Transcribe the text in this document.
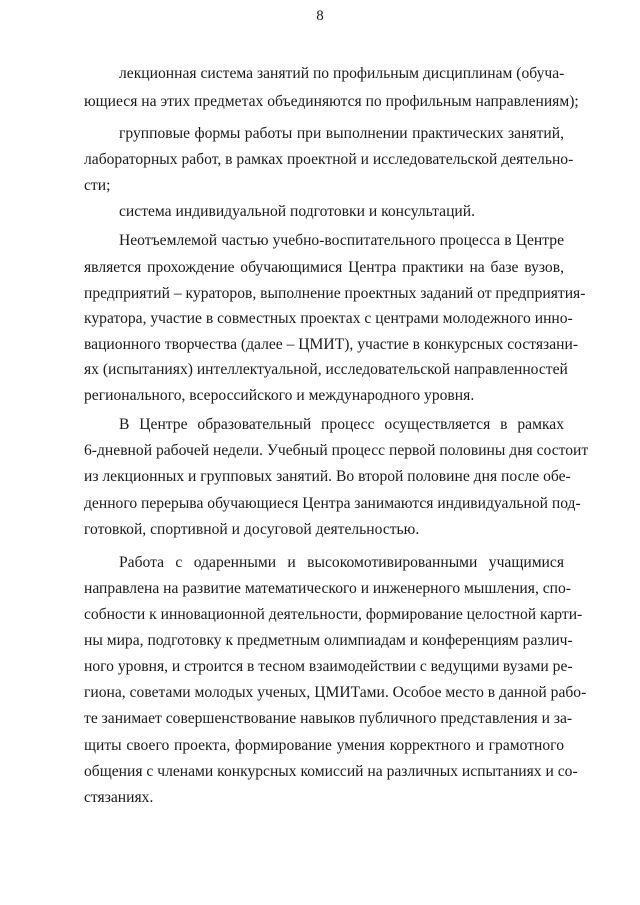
8
лекционная система занятий по профильным дисциплинам (обуча-
ющиеся на этих предметах объединяются по профильным направлениям);
групповые формы работы при выполнении практических занятий,
лабораторных работ, в рамках проектной и исследовательской деятельно-
сти;
система индивидуальной подготовки и консультаций.
Неотъемлемой частью учебно-воспитательного процесса в Центре
является прохождение обучающимися Центра практики на базе вузов,
предприятий – кураторов, выполнение проектных заданий от предприятия-
куратора, участие в совместных проектах с центрами молодежного инно-
вационного творчества (далее – ЦМИТ), участие в конкурсных состязани-
ях (испытаниях) интеллектуальной, исследовательской направленностей
регионального, всероссийского и международного уровня.
В Центре образовательный процесс осуществляется в рамках
6-дневной рабочей недели. Учебный процесс первой половины дня состоит
из лекционных и групповых занятий. Во второй половине дня после обе-
денного перерыва обучающиеся Центра занимаются индивидуальной под-
готовкой, спортивной и досуговой деятельностью.
Работа с одаренными и высокомотивированными учащимися
направлена на развитие математического и инженерного мышления, спо-
собности к инновационной деятельности, формирование целостной карти-
ны мира, подготовку к предметным олимпиадам и конференциям различ-
ного уровня, и строится в тесном взаимодействии с ведущими вузами ре-
гиона, советами молодых ученых, ЦМИТами. Особое место в данной рабо-
те занимает совершенствование навыков публичного представления и за-
щиты своего проекта, формирование умения корректного и грамотного
общения с членами конкурсных комиссий на различных испытаниях и со-
стязаниях.
